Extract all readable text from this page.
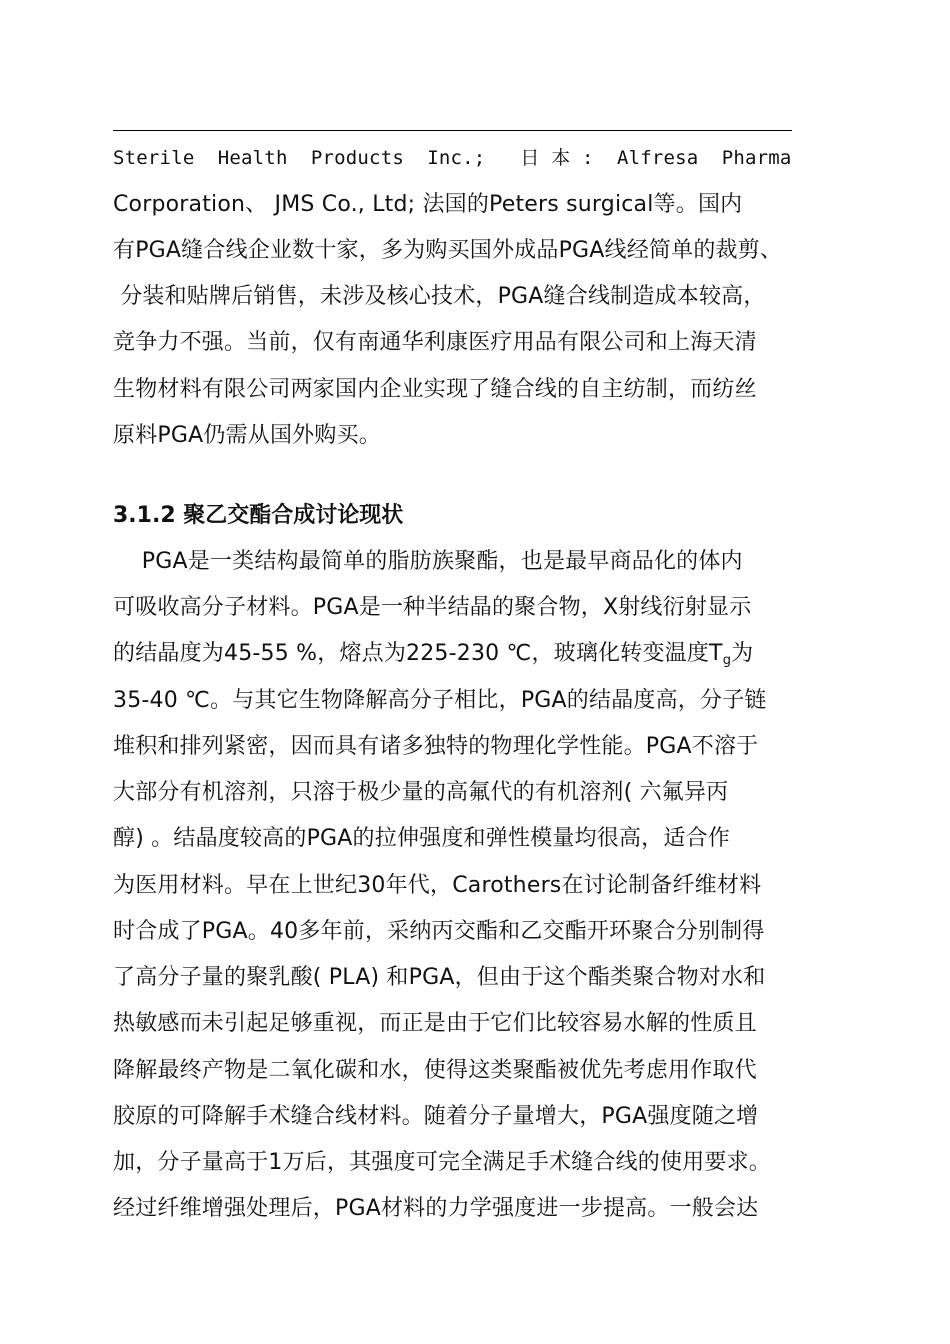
Sterile  Health  Products  Inc.;   日 本 :  Alfresa  Pharma
Corporation、 JMS Co., Ltd; 法国的Peters surgical等。国内
有PGA缝合线企业数十家，多为购买国外成品PGA线经简单的裁剪、
分装和贴牌后销售，未涉及核心技术，PGA缝合线制造成本较高，
竞争力不强。当前，仅有南通华利康医疗用品有限公司和上海天清
生物材料有限公司两家国内企业实现了缝合线的自主纺制，而纺丝
原料PGA仍需从国外购买。
3.1.2 聚乙交酯合成讨论现状
PGA是一类结构最简单的脂肪族聚酯，也是最早商品化的体内
可吸收高分子材料。PGA是一种半结晶的聚合物，X射线衍射显示
的结晶度为45-55 %，熔点为225-230 ℃，玻璃化转变温度$T_g$为
35-40 ℃。与其它生物降解高分子相比，PGA的结晶度高，分子链
堆积和排列紧密，因而具有诸多独特的物理化学性能。PGA不溶于
大部分有机溶剂，只溶于极少量的高氟代的有机溶剂( 六氟异丙
醇) 。结晶度较高的PGA的拉伸强度和弹性模量均很高，适合作
为医用材料。早在上世纪30年代，Carothers在讨论制备纤维材料
时合成了PGA。40多年前，采纳丙交酯和乙交酯开环聚合分别制得
了高分子量的聚乳酸( PLA) 和PGA，但由于这个酯类聚合物对水和
热敏感而未引起足够重视，而正是由于它们比较容易水解的性质且
降解最终产物是二氧化碳和水，使得这类聚酯被优先考虑用作取代
胶原的可降解手术缝合线材料。随着分子量增大，PGA强度随之增
加，分子量高于1万后，其强度可完全满足手术缝合线的使用要求。
经过纤维增强处理后，PGA材料的力学强度进一步提高。一般会达
